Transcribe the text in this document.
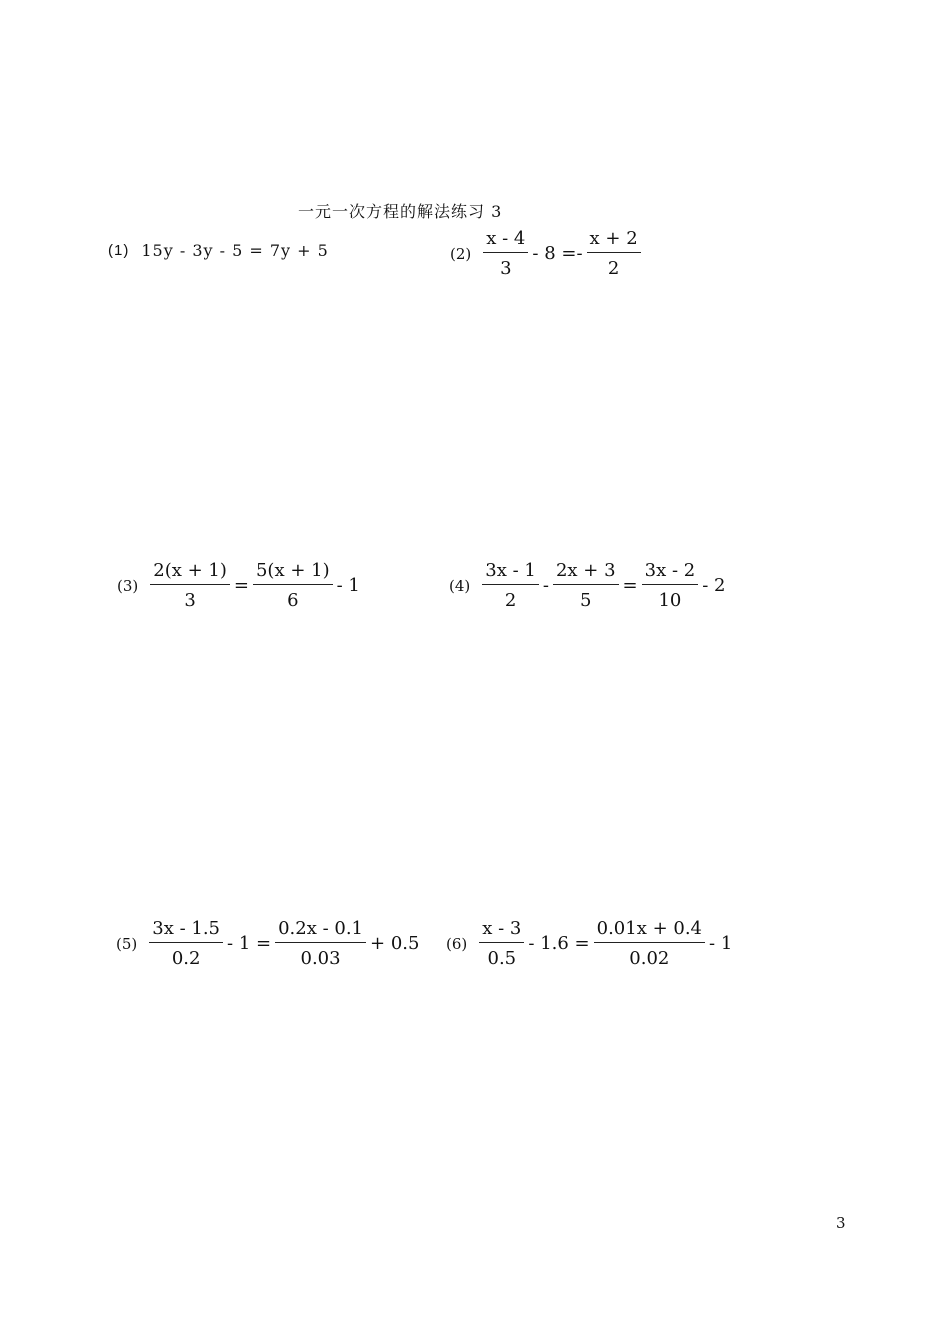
一元一次方程的解法练习 3
(1) 15y - 3y - 5 = 7y + 5	$(2) \frac{x - 4}{3} - 8 =- \frac{x + 2}{2}$
$(3) \frac{2(x + 1)}{3} = \frac{5(x + 1)}{6} - 1$	$(4) \frac{3x - 1}{2} - \frac{2x + 3}{5} = \frac{3x - 2}{10} - 2$
$(5) \frac{3x - 1.5}{0.2} - 1 = \frac{0.2x - 0.1}{0.03} + 0.5$ $(6) \frac{x - 3}{0.5} - 1.6 = \frac{0.01x + 0.4}{0.02} - 1$
3
